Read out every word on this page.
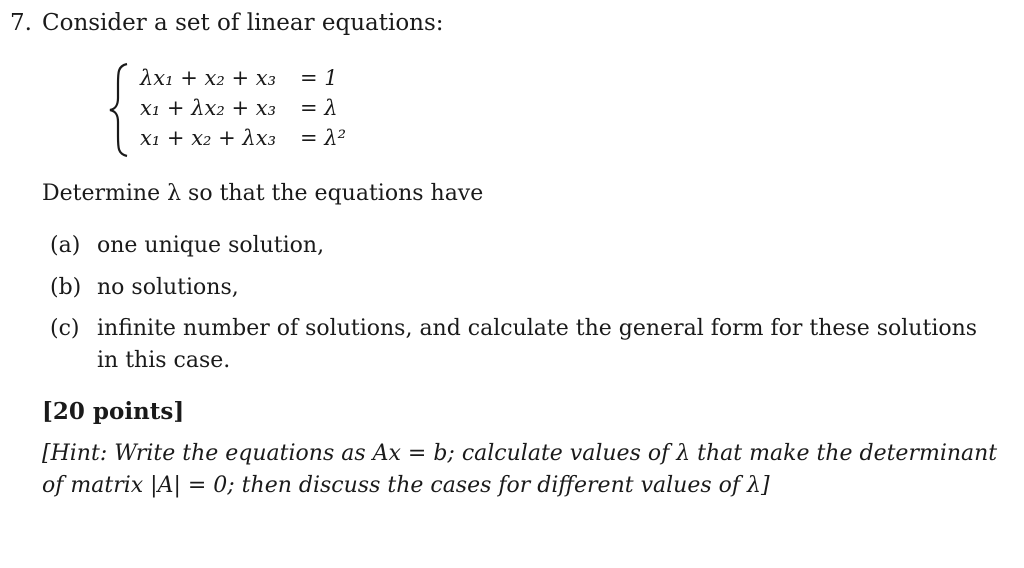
7. Consider a set of linear equations:
λx₁ + x₂ + x₃ = 1
x₁ + λx₂ + x₃ = λ
x₁ + x₂ + λx₃ = λ²
Determine λ so that the equations have
(a) one unique solution,
(b) no solutions,
(c) infinite number of solutions, and calculate the general form for these solutions
in this case.
[20 points]
[Hint: Write the equations as Ax = b; calculate values of λ that make the determinant
of matrix |A| = 0; then discuss the cases for different values of λ]
